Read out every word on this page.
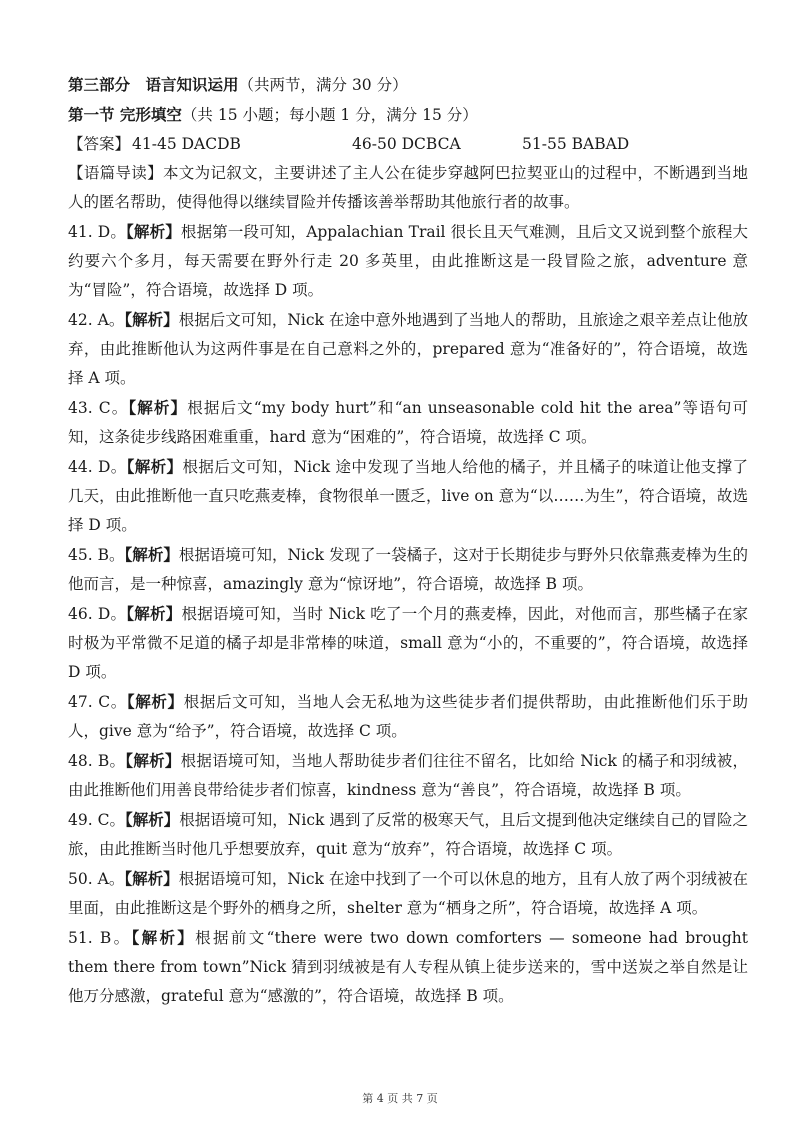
第三部分　语言知识运用（共两节，满分 30 分）
第一节 完形填空（共 15 小题；每小题 1 分，满分 15 分）
【答案】 41-45 DACDB	46-50 DCBCA	51-55 BABAD

【语篇导读】本文为记叙文，主要讲述了主人公在徒步穿越阿巴拉契亚山的过程中，不断遇到当地人的匿名帮助，使得他得以继续冒险并传播该善举帮助其他旅行者的故事。

41. D。【解析】根据第一段可知，Appalachian Trail 很长且天气难测，且后文又说到整个旅程大约要六个多月，每天需要在野外行走 20 多英里，由此推断这是一段冒险之旅，adventure 意为“冒险”，符合语境，故选择 D 项。

42. A。【解析】根据后文可知，Nick 在途中意外地遇到了当地人的帮助，且旅途之艰辛差点让他放弃，由此推断他认为这两件事是在自己意料之外的，prepared 意为“准备好的”，符合语境，故选择 A 项。

43. C。【解析】根据后文“my body hurt”和“an unseasonable cold hit the area”等语句可知，这条徒步线路困难重重，hard 意为“困难的”，符合语境，故选择 C 项。

44. D。【解析】根据后文可知，Nick 途中发现了当地人给他的橘子，并且橘子的味道让他支撑了几天，由此推断他一直只吃燕麦棒，食物很单一匮乏，live on 意为“以……为生”，符合语境，故选择 D 项。

45. B。【解析】根据语境可知，Nick 发现了一袋橘子，这对于长期徒步与野外只依靠燕麦棒为生的他而言，是一种惊喜，amazingly 意为“惊讶地”，符合语境，故选择 B 项。

46. D。【解析】根据语境可知，当时 Nick 吃了一个月的燕麦棒，因此，对他而言，那些橘子在家时极为平常微不足道的橘子却是非常棒的味道，small 意为“小的，不重要的”，符合语境，故选择 D 项。

47. C。【解析】根据后文可知，当地人会无私地为这些徒步者们提供帮助，由此推断他们乐于助人，give 意为“给予”，符合语境，故选择 C 项。

48. B。【解析】根据语境可知，当地人帮助徒步者们往往不留名，比如给 Nick 的橘子和羽绒被，由此推断他们用善良带给徒步者们惊喜，kindness 意为“善良”，符合语境，故选择 B 项。

49. C。【解析】根据语境可知，Nick 遇到了反常的极寒天气，且后文提到他决定继续自己的冒险之旅，由此推断当时他几乎想要放弃，quit 意为“放弃”，符合语境，故选择 C 项。

50. A。【解析】根据语境可知，Nick 在途中找到了一个可以休息的地方，且有人放了两个羽绒被在里面，由此推断这是个野外的栖身之所，shelter 意为“栖身之所”，符合语境，故选择 A 项。

51. B。【解析】根据前文“there were two down comforters — someone had brought them there from town”Nick 猜到羽绒被是有人专程从镇上徒步送来的，雪中送炭之举自然是让他万分感激，grateful 意为“感激的”，符合语境，故选择 B 项。

第 4 页 共 7 页
